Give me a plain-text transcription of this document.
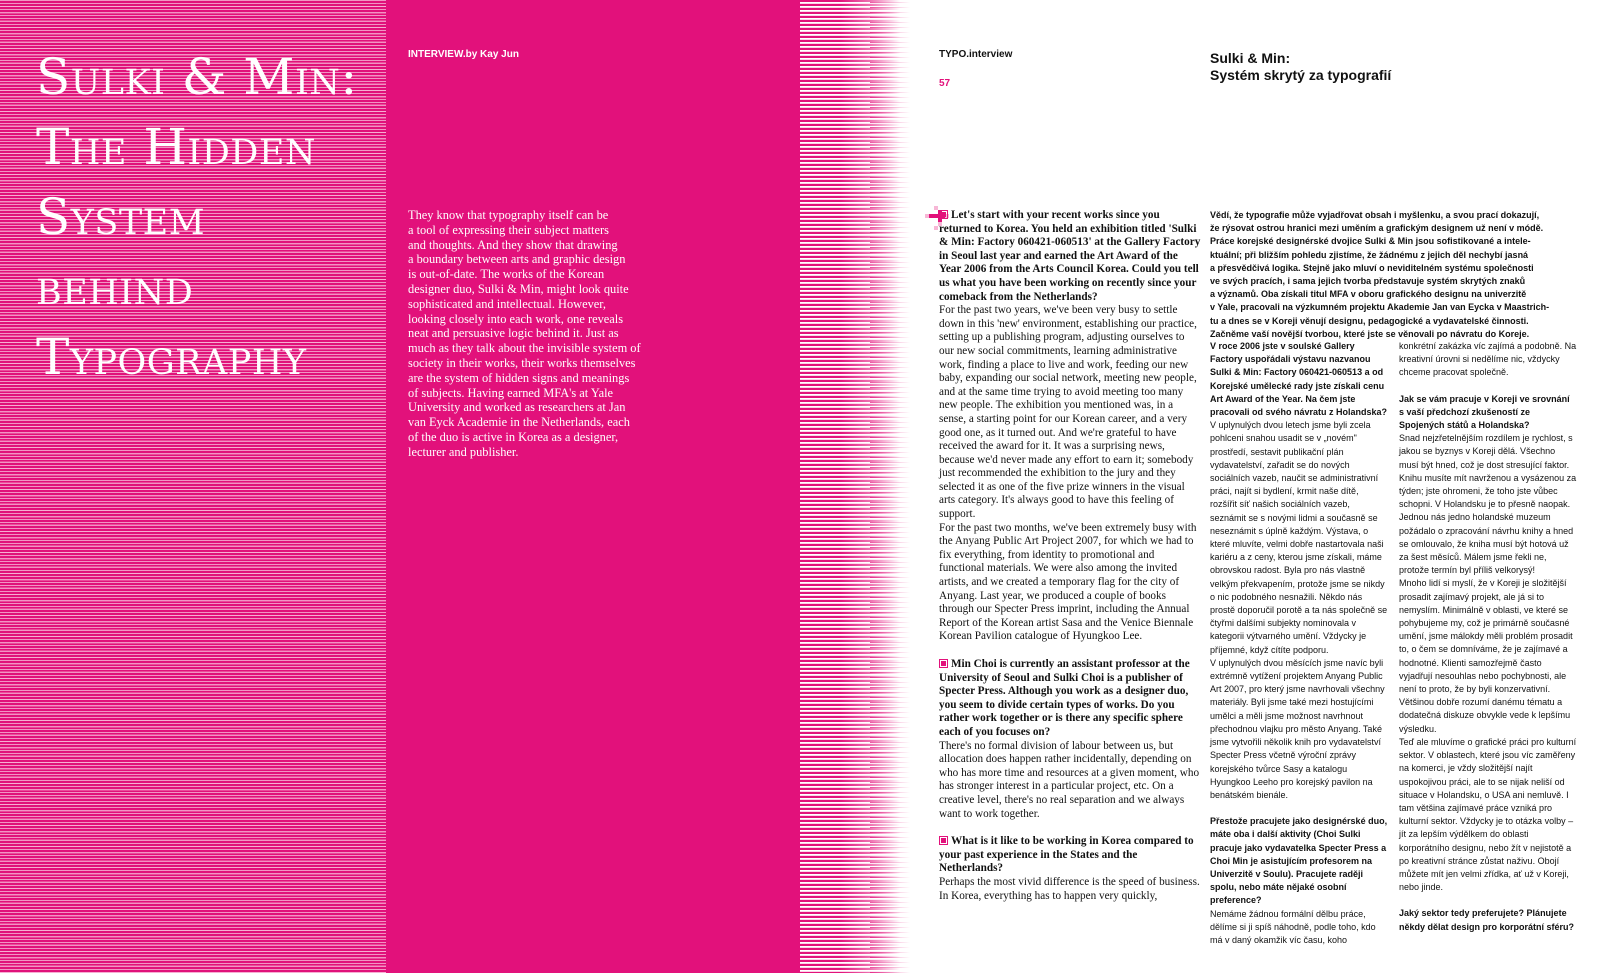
Sulki & Min:
The Hidden
System
behind
Typography
INTERVIEW.by Kay Jun

They know that typography itself can be
a tool of expressing their subject matters
and thoughts. And they show that drawing
a boundary between arts and graphic design
is out-of-date. The works of the Korean
designer duo, Sulki & Min, might look quite
sophisticated and intellectual. However,
looking closely into each work, one reveals
neat and persuasive logic behind it. Just as
much as they talk about the invisible system of
society in their works, their works themselves
are the system of hidden signs and meanings
of subjects. Having earned MFA's at Yale
University and worked as researchers at Jan
van Eyck Academie in the Netherlands, each
of the duo is active in Korea as a designer,
lecturer and publisher.

TYPO.interview
57
Sulki & Min:
Systém skrytý za typografií

Let's start with your recent works since you returned to Korea. You held an exhibition titled 'Sulki & Min: Factory 060421-060513' at the Gallery Factory in Seoul last year and earned the Art Award of the Year 2006 from the Arts Council Korea. Could you tell us what you have been working on recently since your comeback from the Netherlands?

For the past two years, we've been very busy to settle down in this 'new' environment, establishing our practice, setting up a publishing program, adjusting ourselves to our new social commitments, learning administrative work, finding a place to live and work, feeding our new baby, expanding our social network, meeting new people, and at the same time trying to avoid meeting too many new people. The exhibition you mentioned was, in a sense, a starting point for our Korean career, and a very good one, as it turned out. And we're grateful to have received the award for it. It was a surprising news, because we'd never made any effort to earn it; somebody just recommended the exhibition to the jury and they selected it as one of the five prize winners in the visual arts category. It's always good to have this feeling of support.

For the past two months, we've been extremely busy with the Anyang Public Art Project 2007, for which we had to fix everything, from identity to promotional and functional materials. We were also among the invited artists, and we created a temporary flag for the city of Anyang. Last year, we produced a couple of books through our Specter Press imprint, including the Annual Report of the Korean artist Sasa and the Venice Biennale Korean Pavilion catalogue of Hyungkoo Lee.

Min Choi is currently an assistant professor at the University of Seoul and Sulki Choi is a publisher of Specter Press. Although you work as a designer duo, you seem to divide certain types of works. Do you rather work together or is there any specific sphere each of you focuses on?

There's no formal division of labour between us, but allocation does happen rather incidentally, depending on who has more time and resources at a given moment, who has stronger interest in a particular project, etc. On a creative level, there's no real separation and we always want to work together.

What is it like to be working in Korea compared to your past experience in the States and the Netherlands?

Perhaps the most vivid difference is the speed of business. In Korea, everything has to happen very quickly,

Vědí, že typografie může vyjadřovat obsah i myšlenku, a svou prací dokazují,
že rýsovat ostrou hranici mezi uměním a grafickým designem už není v módě.
Práce korejské designérské dvojice Sulki & Min jsou sofistikované a intele-
ktuální; při bližším pohledu zjistíme, že žádnému z jejich děl nechybí jasná
a přesvědčivá logika. Stejně jako mluví o neviditelném systému společnosti
ve svých pracích, i sama jejich tvorba představuje systém skrytých znaků
a významů. Oba získali titul MFA v oboru grafického designu na univerzitě
v Yale, pracovali na výzkumném projektu Akademie Jan van Eycka v Maastrich-
tu a dnes se v Koreji věnují designu, pedagogické a vydavatelské činnosti.
Začněme vaší novější tvorbou, které jste se věnovali po návratu do Koreje.

V roce 2006 jste v soulské Gallery Factory uspořádali výstavu nazvanou Sulki & Min: Factory 060421-060513 a od Korejské umělecké rady jste získali cenu Art Award of the Year. Na čem jste pracovali od svého návratu z Holandska?

V uplynulých dvou letech jsme byli zcela pohlceni snahou usadit se v „novém" prostředí, sestavit publikační plán vydavatelství, zařadit se do nových sociálních vazeb, naučit se administrativní práci, najít si bydlení, krmit naše dítě, rozšířit síť našich sociálních vazeb, seznámit se s novými lidmi a současně se neseznámit s úplně každým. Výstava, o které mluvíte, velmi dobře nastartovala naši kariéru a z ceny, kterou jsme získali, máme obrovskou radost. Byla pro nás vlastně velkým překvapením, protože jsme se nikdy o nic podobného nesnažili. Někdo nás prostě doporučil porotě a ta nás společně se čtyřmi dalšími subjekty nominovala v kategorii výtvarného umění. Vždycky je příjemné, když cítíte podporu.

V uplynulých dvou měsících jsme navíc byli extrémně vytížení projektem Anyang Public Art 2007, pro který jsme navrhovali všechny materiály. Byli jsme také mezi hostujícími umělci a měli jsme možnost navrhnout přechodnou vlajku pro město Anyang. Také jsme vytvořili několik knih pro vydavatelství Specter Press včetně výroční zprávy korejského tvůrce Sasy a katalogu Hyungkoo Leeho pro korejský pavilon na benátském bienále.

Přestože pracujete jako designérské duo, máte oba i další aktivity (Choi Sulki pracuje jako vydavatelka Specter Press a Choi Min je asistujícím profesorem na Univerzitě v Soulu). Pracujete raději spolu, nebo máte nějaké osobní preference?

Nemáme žádnou formální dělbu práce, dělíme si ji spíš náhodně, podle toho, kdo má v daný okamžik víc času, koho

konkrétní zakázka víc zajímá a podobně. Na kreativní úrovni si nedělíme nic, vždycky chceme pracovat společně.

Jak se vám pracuje v Koreji ve srovnání s vaší předchozí zkušeností ze Spojených států a Holandska?

Snad nejzřetelnějším rozdílem je rychlost, s jakou se byznys v Koreji dělá. Všechno musí být hned, což je dost stresující faktor. Knihu musíte mít navrženou a vysázenou za týden; jste ohromeni, že toho jste vůbec schopni. V Holandsku je to přesně naopak. Jednou nás jedno holandské muzeum požádalo o zpracování návrhu knihy a hned se omlouvalo, že kniha musí být hotová už za šest měsíců. Málem jsme řekli ne, protože termín byl příliš velkorysý!

Mnoho lidí si myslí, že v Koreji je složitější prosadit zajímavý projekt, ale já si to nemyslím. Minimálně v oblasti, ve které se pohybujeme my, což je primárně současné umění, jsme málokdy měli problém prosadit to, o čem se domníváme, že je zajímavé a hodnotné. Klienti samozřejmě často vyjadřují nesouhlas nebo pochybnosti, ale není to proto, že by byli konzervativní. Většinou dobře rozumí danému tématu a dodatečná diskuze obvykle vede k lepšímu výsledku.

Teď ale mluvíme o grafické práci pro kulturní sektor. V oblastech, které jsou víc zaměřeny na komerci, je vždy složitější najít uspokojivou práci, ale to se nijak neliší od situace v Holandsku, o USA ani nemluvě. I tam většina zajímavé práce vzniká pro kulturní sektor. Vždycky je to otázka volby – jít za lepším výdělkem do oblasti korporátního designu, nebo žít v nejistotě a po kreativní stránce zůstat naživu. Obojí můžete mít jen velmi zřídka, ať už v Koreji, nebo jinde.

Jaký sektor tedy preferujete? Plánujete někdy dělat design pro korporátní sféru?
